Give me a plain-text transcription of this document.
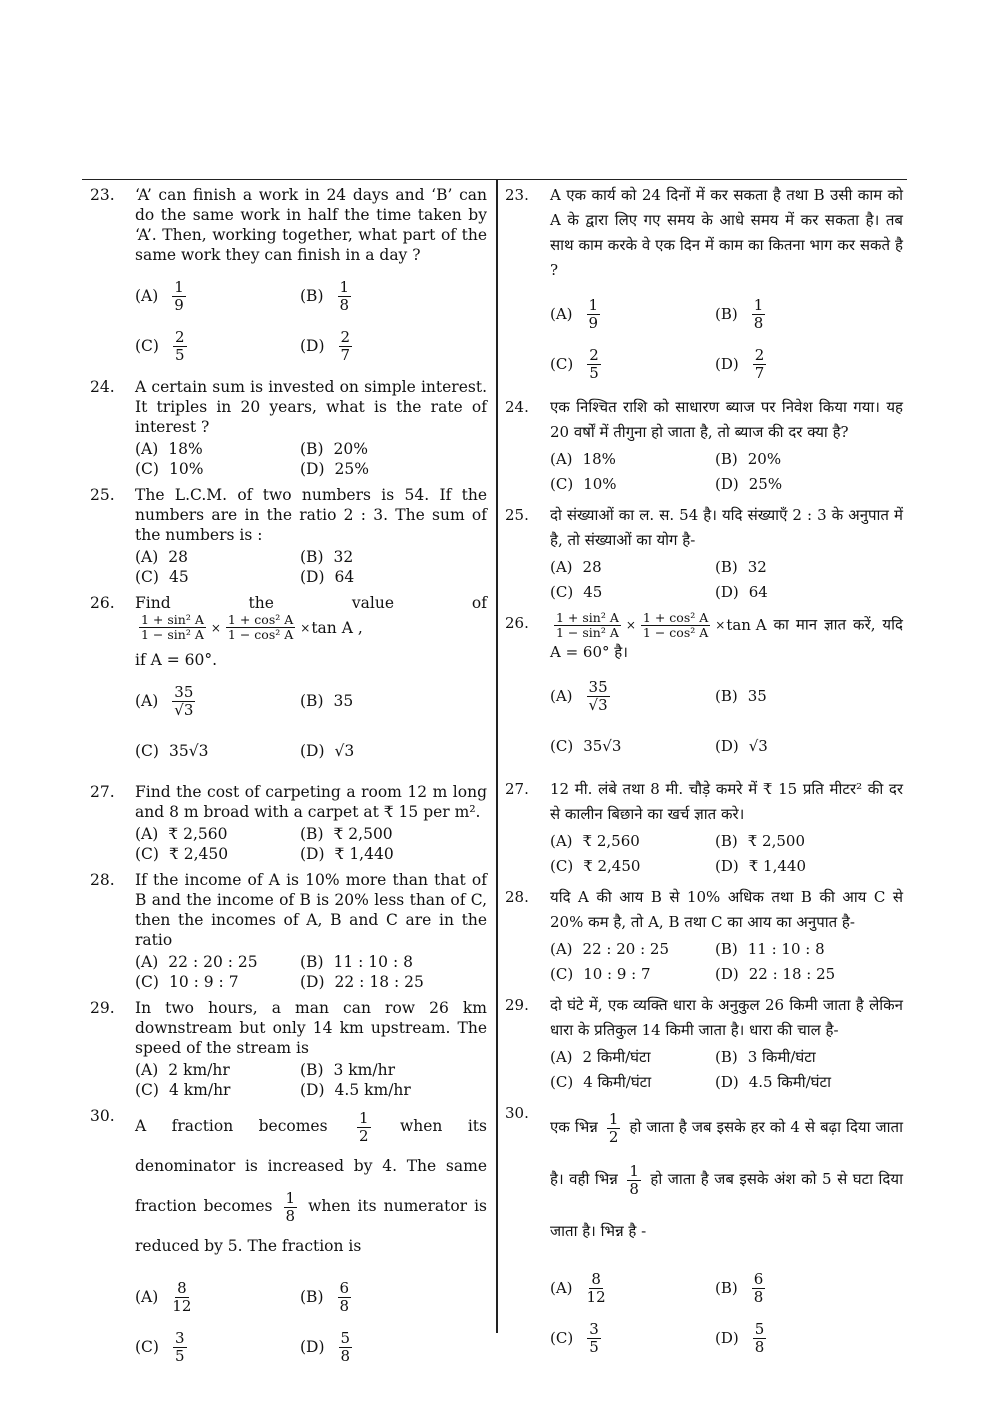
23. ‘A’ can finish a work in 24 days and ‘B’ can do the same work in half the time taken by ‘A’. Then, working together, what part of the same work they can finish in a day ?
$(A) \frac{1}{9}$	$(B) \frac{1}{8}$
$(C) \frac{2}{5}$	$(D) \frac{2}{7}$
24. A certain sum is invested on simple interest. It triples in 20 years, what is the rate of interest ?
(A) 18%	(B) 20%
(C) 10%	(D) 25%
25. The L.C.M. of two numbers is 54. If the numbers are in the ratio 2 : 3. The sum of the numbers is :
(A) 28	(B) 32
(C) 45	(D) 64
26. Find the value of
$\frac{\text{1 + sin² A}}{\text{1 − sin² A}} \times \frac{\text{1 + cos² A}}{\text{1 − cos² A}} \times \tan A$ ,
if A = 60°.
$(A) \frac{35}{√3}$	(B) 35
(C) 35√3	(D) √3
27. Find the cost of carpeting a room 12 m long and 8 m broad with a carpet at ₹ 15 per m².
(A) ₹ 2,560	(B) ₹ 2,500
(C) ₹ 2,450	(D) ₹ 1,440
28. If the income of A is 10% more than that of B and the income of B is 20% less than of C, then the incomes of A, B and C are in the ratio
(A) 22 : 20 : 25	(B) 11 : 10 : 8
(C) 10 : 9 : 7	(D) 22 : 18 : 25
29. In two hours, a man can row 26 km downstream but only 14 km upstream. The speed of the stream is
(A) 2 km/hr	(B) 3 km/hr
(C) 4 km/hr	(D) 4.5 km/hr
30.
A fraction becomes $\frac{1}{2}$ when its denominator is increased by 4. The same fraction becomes $\frac{1}{8}$ when its numerator is reduced by 5. The fraction is
$(A) \frac{8}{12}$	$(B) \frac{6}{8}$
$(C) \frac{3}{5}$	$(D) \frac{5}{8}$
23. A एक कार्य को 24 दिनों में कर सकता है तथा B उसी काम को A के द्वारा लिए गए समय के आधे समय में कर सकता है। तब साथ काम करके वे एक दिन में काम का कितना भाग कर सकते है ?
$(A) \frac{1}{9}$	$(B) \frac{1}{8}$
$(C) \frac{2}{5}$	$(D) \frac{2}{7}$
24. एक निश्चित राशि को साधारण ब्याज पर निवेश किया गया। यह 20 वर्षों में तीगुना हो जाता है, तो ब्याज की दर क्या है?
(A) 18%	(B) 20%
(C) 10%	(D) 25%
25. दो संख्याओं का ल. स. 54 है। यदि संख्याएँ 2 : 3 के अनुपात में है, तो संख्याओं का योग है-
(A) 28	(B) 32
(C) 45	(D) 64
26. $\frac{\text{1 + sin² A}}{\text{1 − sin² A}} \times \frac{\text{1 + cos² A}}{\text{1 − cos² A}} \times \tan A$ का मान ज्ञात करें, यदि A = 60° है।
$(A) \frac{35}{√3}$	(B) 35
(C) 35√3	(D) √3
27. 12 मी. लंबे तथा 8 मी. चौड़े कमरे में ₹ 15 प्रति मीटर² की दर से कालीन बिछाने का खर्च ज्ञात करे।
(A) ₹ 2,560	(B) ₹ 2,500
(C) ₹ 2,450	(D) ₹ 1,440
28. यदि A की आय B से 10% अधिक तथा B की आय C से 20% कम है, तो A, B तथा C का आय का अनुपात है-
(A) 22 : 20 : 25	(B) 11 : 10 : 8
(C) 10 : 9 : 7	(D) 22 : 18 : 25
29. दो घंटे में, एक व्यक्ति धारा के अनुकुल 26 किमी जाता है लेकिन धारा के प्रतिकुल 14 किमी जाता है। धारा की चाल है-
(A) 2 किमी/घंटा	(B) 3 किमी/घंटा
(C) 4 किमी/घंटा	(D) 4.5 किमी/घंटा
30.
एक भिन्न $\frac{1}{2}$ हो जाता है जब इसके हर को 4 से बढ़ा दिया जाता है। वही भिन्न $\frac{1}{8}$ हो जाता है जब इसके अंश को 5 से घटा दिया जाता है। भिन्न है -
$(A) \frac{8}{12}$	$(B) \frac{6}{8}$
$(C) \frac{3}{5}$	$(D) \frac{5}{8}$
